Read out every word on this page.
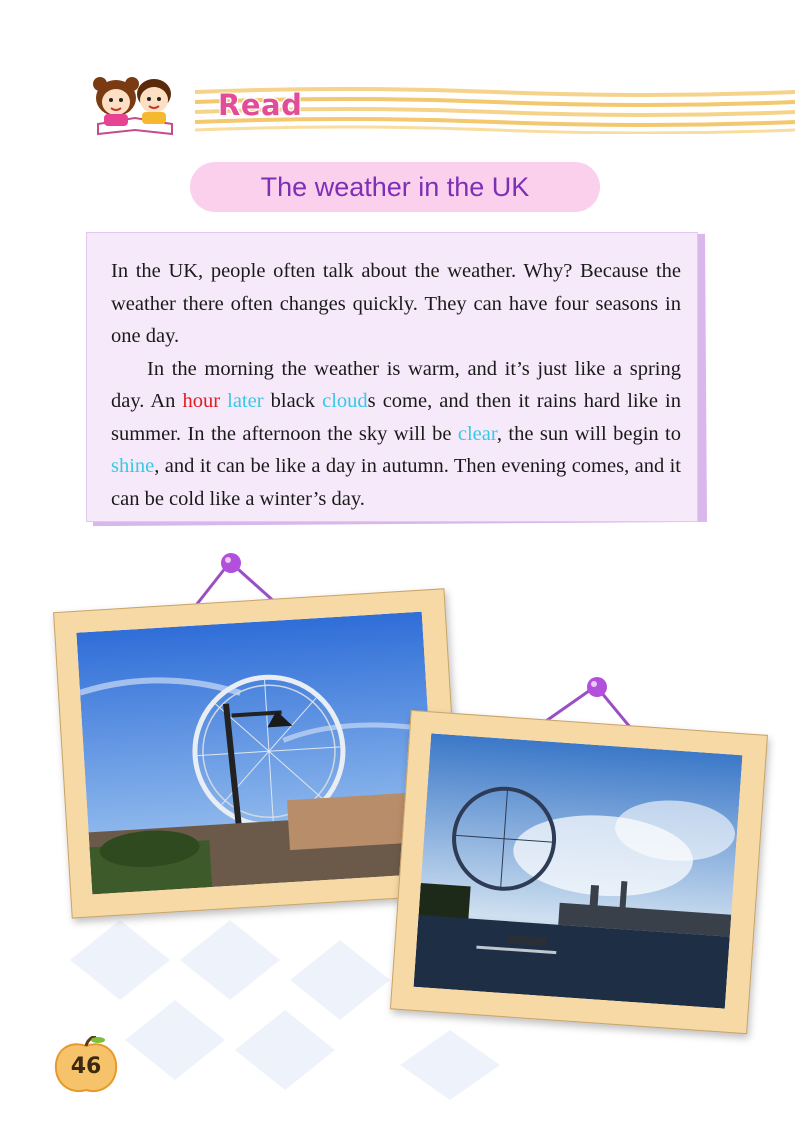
Read
The weather in the UK

In the UK, people often talk about the weather. Why? Because the weather there often changes quickly. They can have four seasons in one day.

In the morning the weather is warm, and it’s just like a spring day. An hour later black clouds come, and then it rains hard like in summer. In the afternoon the sky will be clear, the sun will begin to shine, and it can be like a day in autumn. Then evening comes, and it can be cold like a winter’s day.

46
